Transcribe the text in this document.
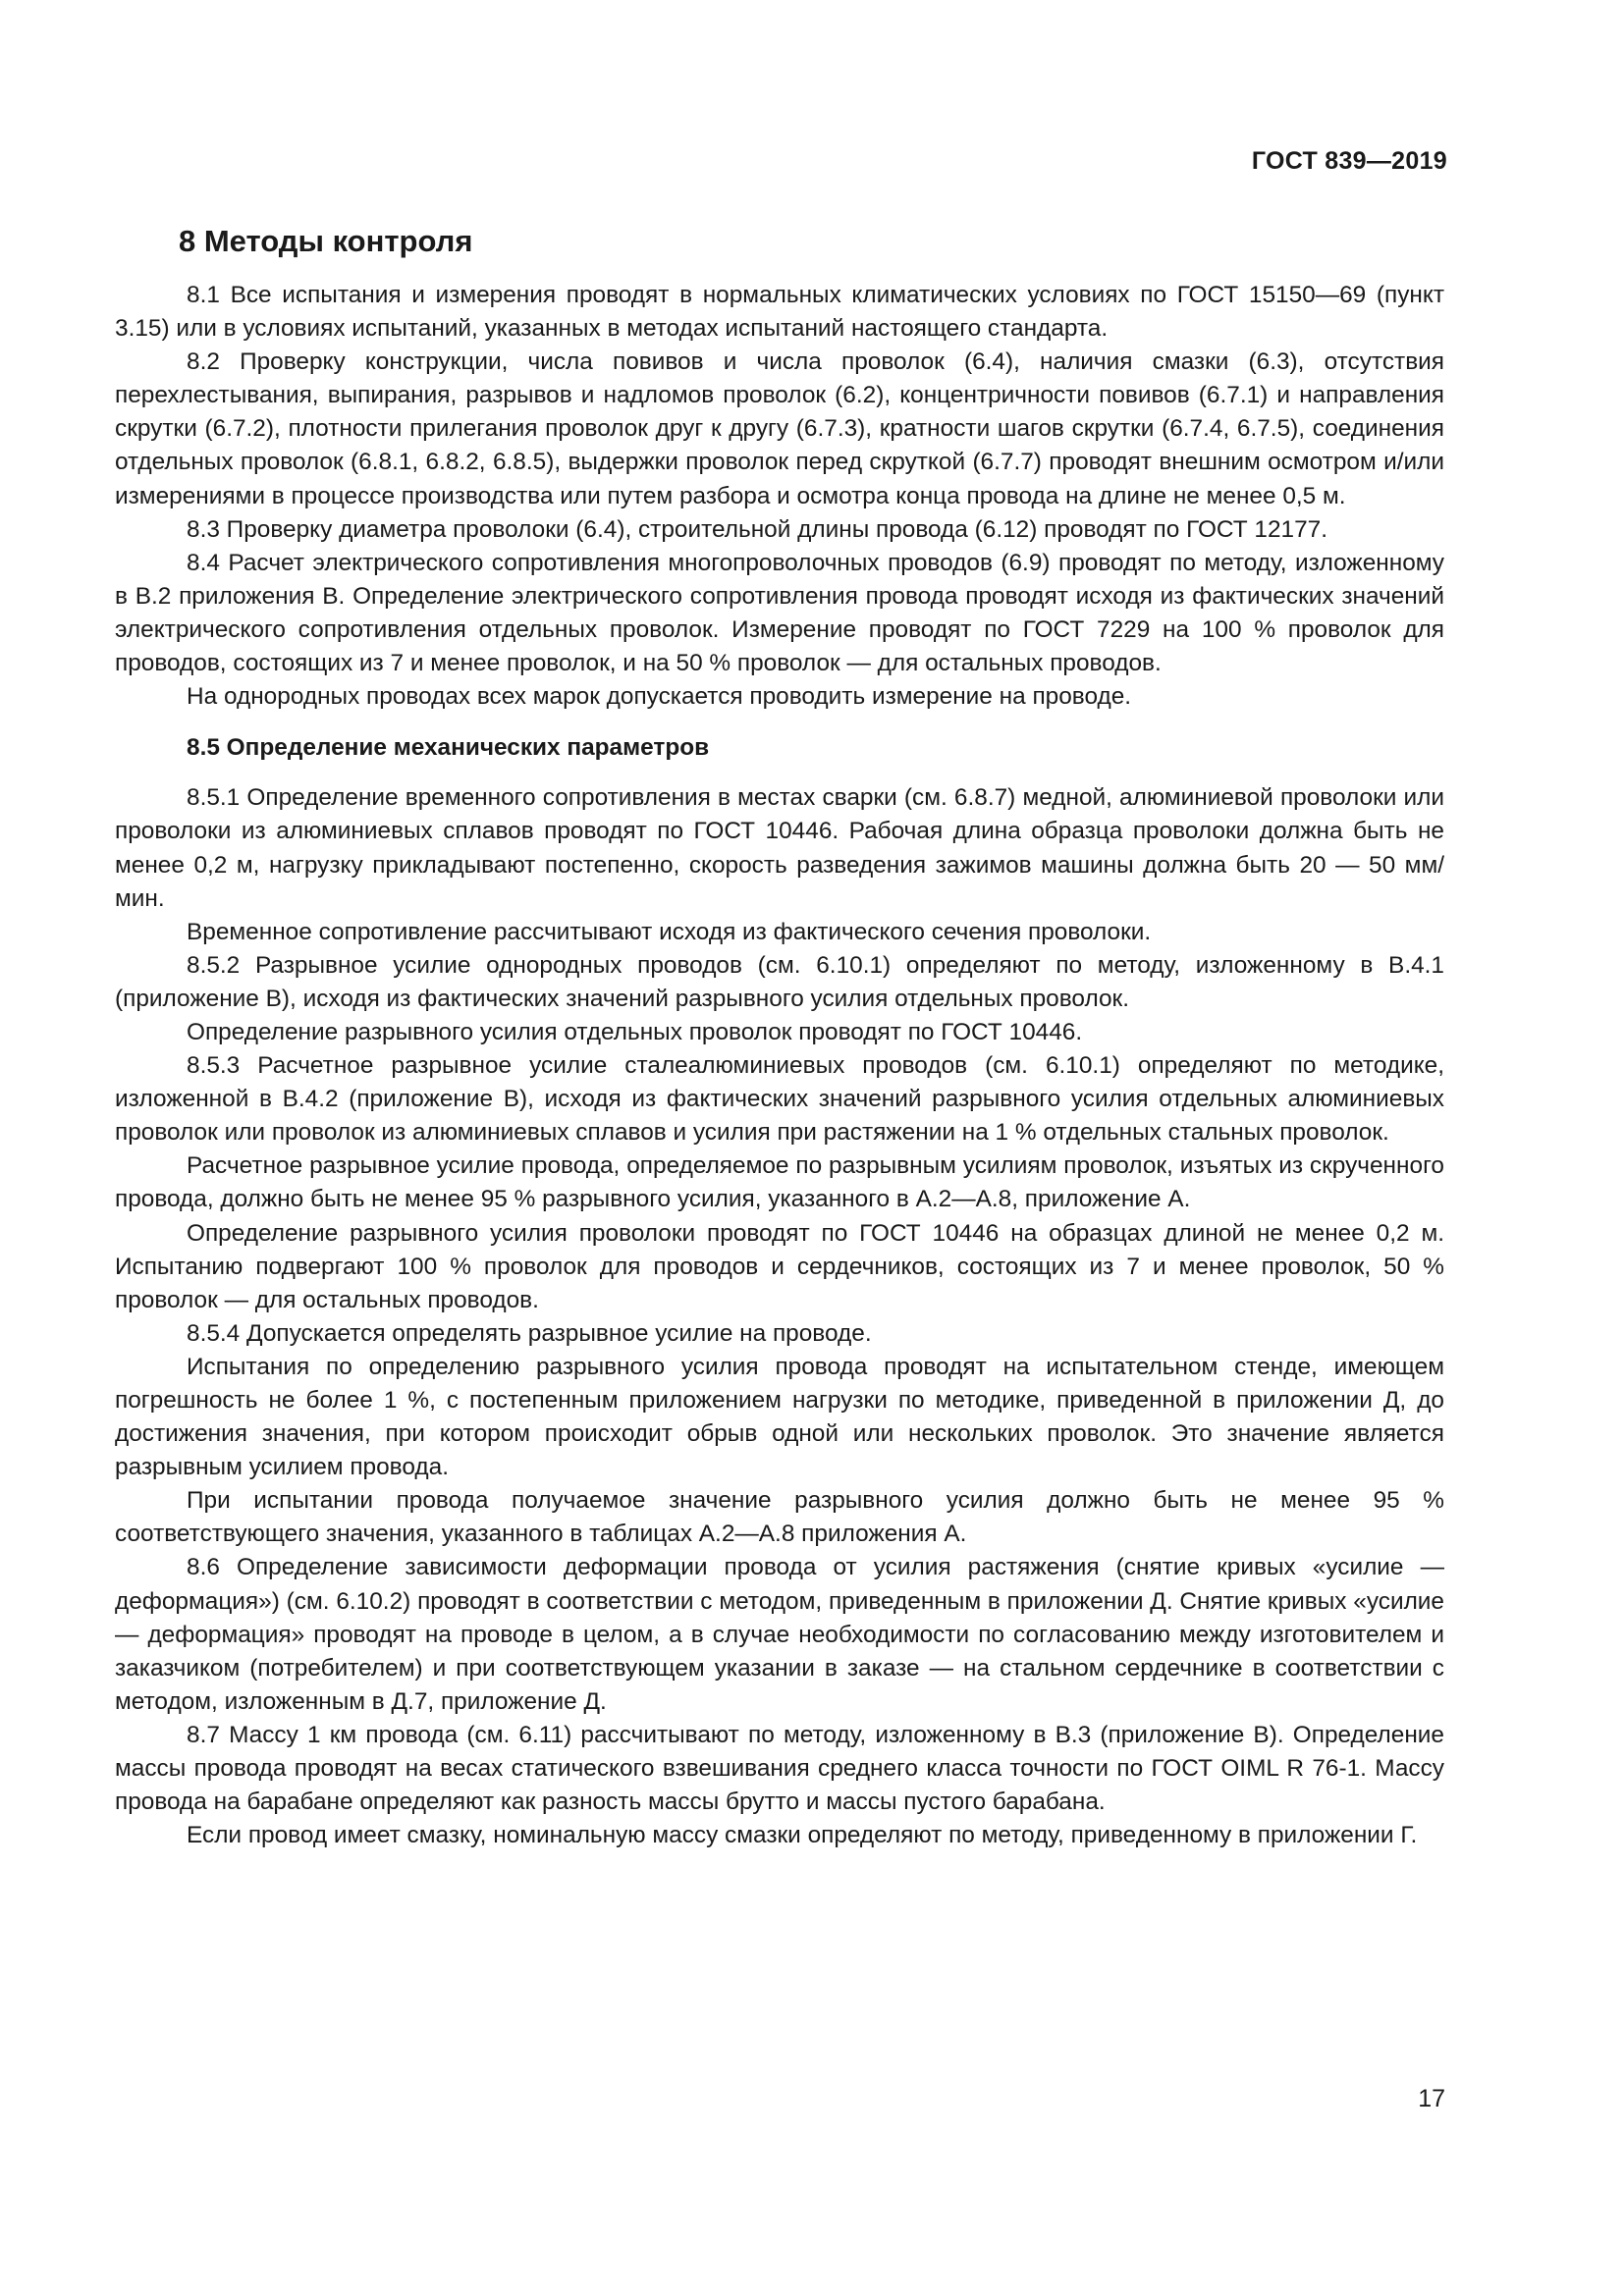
ГОСТ 839—2019

8 Методы контроля

8.1 Все испытания и измерения проводят в нормальных климатических условиях по ГОСТ 15150—69 (пункт 3.15) или в условиях испытаний, указанных в методах испытаний настоящего стандарта.

8.2 Проверку конструкции, числа повивов и числа проволок (6.4), наличия смазки (6.3), отсутствия перехлестывания, выпирания, разрывов и надломов проволок (6.2), концентричности повивов (6.7.1) и направления скрутки (6.7.2), плотности прилегания проволок друг к другу (6.7.3), кратности шагов скрутки (6.7.4, 6.7.5), соединения отдельных проволок (6.8.1, 6.8.2, 6.8.5), выдержки проволок перед скруткой (6.7.7) проводят внешним осмотром и/или измерениями в процессе производства или путем разбора и осмотра конца провода на длине не менее 0,5 м.

8.3 Проверку диаметра проволоки (6.4), строительной длины провода (6.12) проводят по ГОСТ 12177.

8.4 Расчет электрического сопротивления многопроволочных проводов (6.9) проводят по методу, изложенному в В.2 приложения В. Определение электрического сопротивления провода проводят исходя из фактических значений электрического сопротивления отдельных проволок. Измерение проводят по ГОСТ 7229 на 100 % проволок для проводов, состоящих из 7 и менее проволок, и на 50 % проволок — для остальных проводов.

На однородных проводах всех марок допускается проводить измерение на проводе.

8.5 Определение механических параметров

8.5.1 Определение временного сопротивления в местах сварки (см. 6.8.7) медной, алюминиевой проволоки или проволоки из алюминиевых сплавов проводят по ГОСТ 10446. Рабочая длина образца проволоки должна быть не менее 0,2 м, нагрузку прикладывают постепенно, скорость разведения зажимов машины должна быть 20 — 50 мм/мин.

Временное сопротивление рассчитывают исходя из фактического сечения проволоки.

8.5.2 Разрывное усилие однородных проводов (см. 6.10.1) определяют по методу, изложенному в В.4.1 (приложение В), исходя из фактических значений разрывного усилия отдельных проволок.

Определение разрывного усилия отдельных проволок проводят по ГОСТ 10446.

8.5.3 Расчетное разрывное усилие сталеалюминиевых проводов (см. 6.10.1) определяют по методике, изложенной в В.4.2 (приложение В), исходя из фактических значений разрывного усилия отдельных алюминиевых проволок или проволок из алюминиевых сплавов и усилия при растяжении на 1 % отдельных стальных проволок.

Расчетное разрывное усилие провода, определяемое по разрывным усилиям проволок, изъятых из скрученного провода, должно быть не менее 95 % разрывного усилия, указанного в А.2—А.8, приложение А.

Определение разрывного усилия проволоки проводят по ГОСТ 10446 на образцах длиной не менее 0,2 м. Испытанию подвергают 100 % проволок для проводов и сердечников, состоящих из 7 и менее проволок, 50 % проволок — для остальных проводов.

8.5.4 Допускается определять разрывное усилие на проводе.

Испытания по определению разрывного усилия провода проводят на испытательном стенде, имеющем погрешность не более 1 %, с постепенным приложением нагрузки по методике, приведенной в приложении Д, до достижения значения, при котором происходит обрыв одной или нескольких проволок. Это значение является разрывным усилием провода.

При испытании провода получаемое значение разрывного усилия должно быть не менее 95 % соответствующего значения, указанного в таблицах А.2—А.8 приложения А.

8.6 Определение зависимости деформации провода от усилия растяжения (снятие кривых «усилие — деформация») (см. 6.10.2) проводят в соответствии с методом, приведенным в приложении Д. Снятие кривых «усилие — деформация» проводят на проводе в целом, а в случае необходимости по согласованию между изготовителем и заказчиком (потребителем) и при соответствующем указании в заказе — на стальном сердечнике в соответствии с методом, изложенным в Д.7, приложение Д.

8.7 Массу 1 км провода (см. 6.11) рассчитывают по методу, изложенному в В.3 (приложение В). Определение массы провода проводят на весах статического взвешивания среднего класса точности по ГОСТ OIML R 76-1. Массу провода на барабане определяют как разность массы брутто и массы пустого барабана.

Если провод имеет смазку, номинальную массу смазки определяют по методу, приведенному в приложении Г.

17
